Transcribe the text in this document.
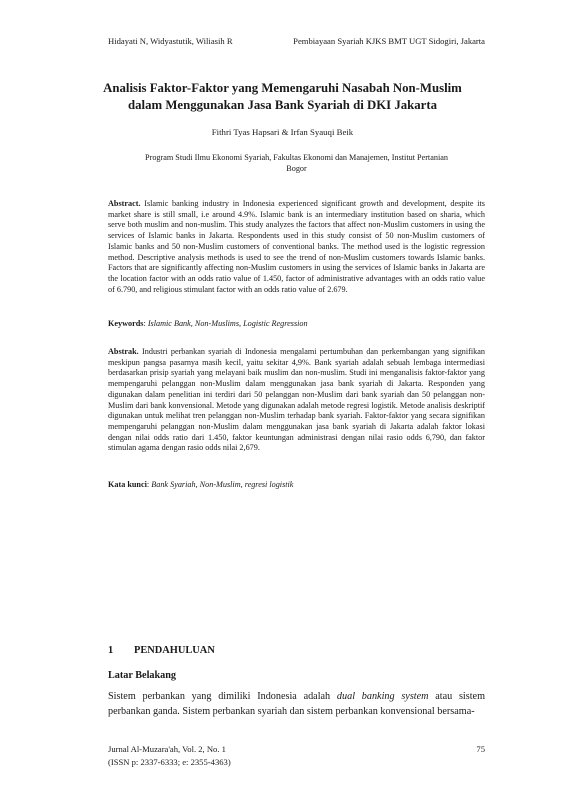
Hidayati N, Widyastutik, Wiliasih R	Pembiayaan Syariah KJKS BMT UGT Sidogiri, Jakarta
Analisis Faktor-Faktor yang Memengaruhi Nasabah Non-Muslim
dalam Menggunakan Jasa Bank Syariah di DKI Jakarta
Fithri Tyas Hapsari & Irfan Syauqi Beik
Program Studi Ilmu Ekonomi Syariah, Fakultas Ekonomi dan Manajemen, Institut Pertanian
Bogor
Abstract. Islamic banking industry in Indonesia experienced significant growth and development, despite its market share is still small, i.e around 4.9%. Islamic bank is an intermediary institution based on sharia, which serve both muslim and non-muslim. This study analyzes the factors that affect non-Muslim customers in using the services of Islamic banks in Jakarta. Respondents used in this study consist of 50 non-Muslim customers of Islamic banks and 50 non-Muslim customers of conventional banks. The method used is the logistic regression method. Descriptive analysis methods is used to see the trend of non-Muslim customers towards Islamic banks. Factors that are significantly affecting non-Muslim customers in using the services of Islamic banks in Jakarta are the location factor with an odds ratio value of 1.450, factor of administrative advantages with an odds ratio value of 6.790, and religious stimulant factor with an odds ratio value of 2.679.
Keywords: Islamic Bank, Non-Muslims, Logistic Regression
Abstrak. Industri perbankan syariah di Indonesia mengalami pertumbuhan dan perkembangan yang signifikan meskipun pangsa pasarnya masih kecil, yaitu sekitar 4,9%. Bank syariah adalah sebuah lembaga intermediasi berdasarkan prisip syariah yang melayani baik muslim dan non-muslim. Studi ini menganalisis faktor-faktor yang mempengaruhi pelanggan non-Muslim dalam menggunakan jasa bank syariah di Jakarta. Responden yang digunakan dalam penelitian ini terdiri dari 50 pelanggan non-Muslim dari bank syariah dan 50 pelanggan non-Muslim dari bank konvensional. Metode yang digunakan adalah metode regresi logistik. Metode analisis deskriptif digunakan untuk melihat tren pelanggan non-Muslim terhadap bank syariah. Faktor-faktor yang secara signifikan mempengaruhi pelanggan non-Muslim dalam menggunakan jasa bank syariah di Jakarta adalah faktor lokasi dengan nilai odds ratio dari 1.450, faktor keuntungan administrasi dengan nilai rasio odds 6,790, dan faktor stimulan agama dengan rasio odds nilai 2,679.
Kata kunci: Bank Syariah, Non-Muslim, regresi logistik
1 PENDAHULUAN
Latar Belakang
Sistem perbankan yang dimiliki Indonesia adalah dual banking system atau sistem perbankan ganda. Sistem perbankan syariah dan sistem perbankan konvensional bersama-
Jurnal Al-Muzara'ah, Vol. 2, No. 1
(ISSN p: 2337-6333; e: 2355-4363)
75
